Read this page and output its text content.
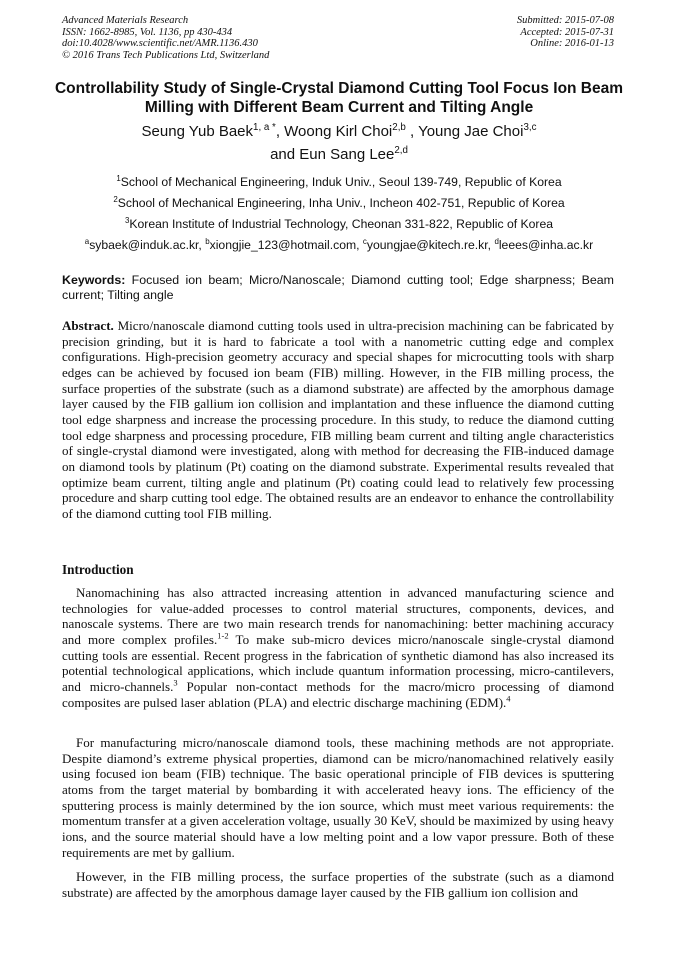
Advanced Materials Research
ISSN: 1662-8985, Vol. 1136, pp 430-434
doi:10.4028/www.scientific.net/AMR.1136.430
© 2016 Trans Tech Publications Ltd, Switzerland
Submitted: 2015-07-08
Accepted: 2015-07-31
Online: 2016-01-13
Controllability Study of Single-Crystal Diamond Cutting Tool Focus Ion Beam Milling with Different Beam Current and Tilting Angle
Seung Yub Baek$^{1, a *}$, Woong Kirl Choi$^{2,b}$ , Young Jae Choi$^{3,c}$
and Eun Sang Lee$^{2,d}$
$^1$School of Mechanical Engineering, Induk Univ., Seoul 139-749, Republic of Korea
$^2$School of Mechanical Engineering, Inha Univ., Incheon 402-751, Republic of Korea
$^3$Korean Institute of Industrial Technology, Cheonan 331-822, Republic of Korea
$^a$sybaek@induk.ac.kr, $^b$xiongjie_123@hotmail.com, $^c$youngjae@kitech.re.kr, $^d$leees@inha.ac.kr
Keywords: Focused ion beam; Micro/Nanoscale; Diamond cutting tool; Edge sharpness; Beam current; Tilting angle
Abstract. Micro/nanoscale diamond cutting tools used in ultra-precision machining can be fabricated by precision grinding, but it is hard to fabricate a tool with a nanometric cutting edge and complex configurations. High-precision geometry accuracy and special shapes for microcutting tools with sharp edges can be achieved by focused ion beam (FIB) milling. However, in the FIB milling process, the surface properties of the substrate (such as a diamond substrate) are affected by the amorphous damage layer caused by the FIB gallium ion collision and implantation and these influence the diamond cutting tool edge sharpness and increase the processing procedure. In this study, to reduce the diamond cutting tool edge sharpness and processing procedure, FIB milling beam current and tilting angle characteristics of single-crystal diamond were investigated, along with method for decreasing the FIB-induced damage on diamond tools by platinum (Pt) coating on the diamond substrate. Experimental results revealed that optimize beam current, tilting angle and platinum (Pt) coating could lead to relatively few processing procedure and sharp cutting tool edge. The obtained results are an endeavor to enhance the controllability of the diamond cutting tool FIB milling.
Introduction
Nanomachining has also attracted increasing attention in advanced manufacturing science and technologies for value-added processes to control material structures, components, devices, and nanoscale systems. There are two main research trends for nanomachining: better machining accuracy and more complex profiles.$^{1-2}$ To make sub-micro devices micro/nanoscale single-crystal diamond cutting tools are essential. Recent progress in the fabrication of synthetic diamond has also increased its potential technological applications, which include quantum information processing, micro-cantilevers, and micro-channels.$^3$ Popular non-contact methods for the macro/micro processing of diamond composites are pulsed laser ablation (PLA) and electric discharge machining (EDM).$^4$
For manufacturing micro/nanoscale diamond tools, these machining methods are not appropriate. Despite diamond’s extreme physical properties, diamond can be micro/nanomachined relatively easily using focused ion beam (FIB) technique. The basic operational principle of FIB devices is sputtering atoms from the target material by bombarding it with accelerated heavy ions. The efficiency of the sputtering process is mainly determined by the ion source, which must meet various requirements: the momentum transfer at a given acceleration voltage, usually 30 KeV, should be maximized by using heavy ions, and the source material should have a low melting point and a low vapor pressure. Both of these requirements are met by gallium.
However, in the FIB milling process, the surface properties of the substrate (such as a diamond substrate) are affected by the amorphous damage layer caused by the FIB gallium ion collision and
